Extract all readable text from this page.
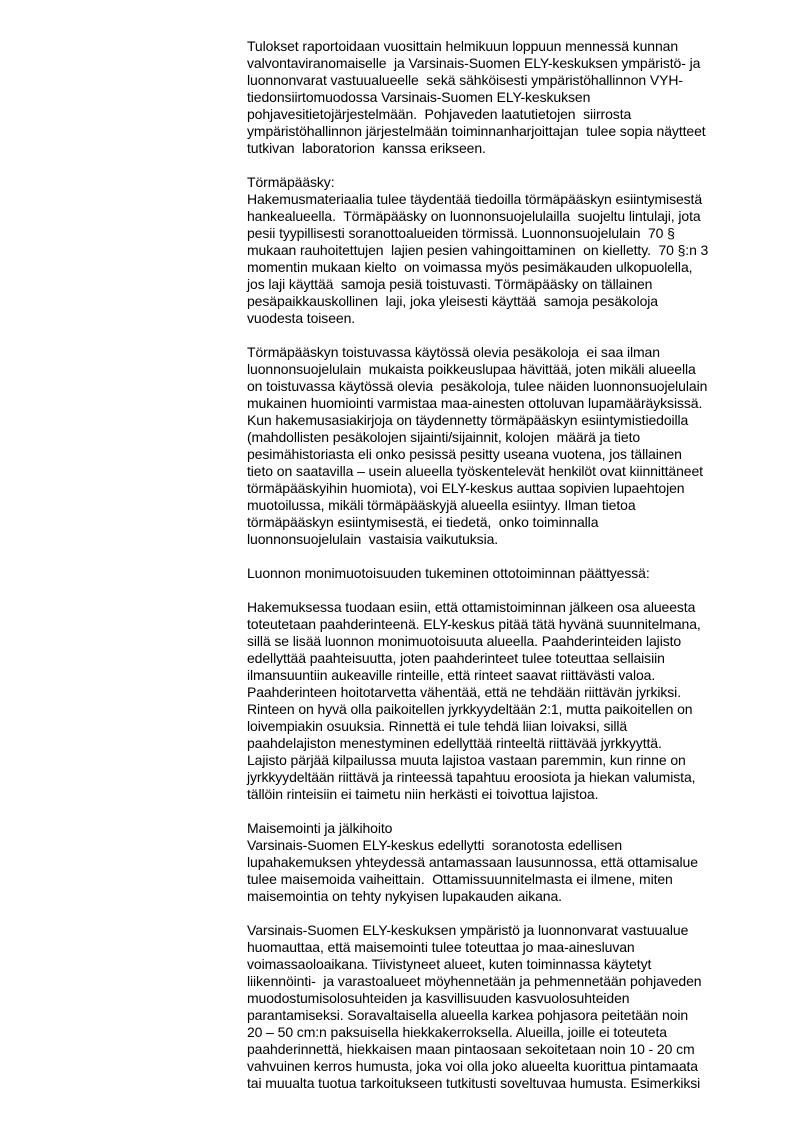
Tulokset raportoidaan vuosittain helmikuun loppuun mennessä kunnan
valvontaviranomaiselle  ja Varsinais-Suomen ELY-keskuksen ympäristö- ja
luonnonvarat vastuualueelle  sekä sähköisesti ympäristöhallinnon VYH-
tiedonsiirtomuodossa Varsinais-Suomen ELY-keskuksen
pohjavesitietojärjestelmään.  Pohjaveden laatutietojen  siirrosta
ympäristöhallinnon järjestelmään toiminnanharjoittajan  tulee sopia näytteet
tutkivan  laboratorion  kanssa erikseen.
Törmäpääsky:
Hakemusmateriaalia tulee täydentää tiedoilla törmäpääskyn esiintymisestä
hankealueella.  Törmäpääsky on luonnonsuojelulailla  suojeltu lintulaji, jota
pesii tyypillisesti soranottoalueiden törmissä. Luonnonsuojelulain  70 §
mukaan rauhoitettujen  lajien pesien vahingoittaminen  on kielletty.  70 §:n 3
momentin mukaan kielto  on voimassa myös pesimäkauden ulkopuolella,
jos laji käyttää  samoja pesiä toistuvasti. Törmäpääsky on tällainen
pesäpaikkauskollinen  laji, joka yleisesti käyttää  samoja pesäkoloja
vuodesta toiseen.
Törmäpääskyn toistuvassa käytössä olevia pesäkoloja  ei saa ilman
luonnonsuojelulain  mukaista poikkeuslupaa hävittää, joten mikäli alueella
on toistuvassa käytössä olevia  pesäkoloja, tulee näiden luonnonsuojelulain
mukainen huomiointi varmistaa maa-ainesten ottoluvan lupamääräyksissä.
Kun hakemusasiakirjoja on täydennetty törmäpääskyn esiintymistiedoilla
(mahdollisten pesäkolojen sijainti/sijainnit, kolojen  määrä ja tieto
pesimähistoriasta eli onko pesissä pesitty useana vuotena, jos tällainen
tieto on saatavilla – usein alueella työskentelevät henkilöt ovat kiinnittäneet
törmäpääskyihin huomiota), voi ELY-keskus auttaa sopivien lupaehtojen
muotoilussa, mikäli törmäpääskyjä alueella esiintyy. Ilman tietoa
törmäpääskyn esiintymisestä, ei tiedetä,  onko toiminnalla
luonnonsuojelulain  vastaisia vaikutuksia.
Luonnon monimuotoisuuden tukeminen ottotoiminnan päättyessä:
Hakemuksessa tuodaan esiin, että ottamistoiminnan jälkeen osa alueesta
toteutetaan paahderinteenä. ELY-keskus pitää tätä hyvänä suunnitelmana,
sillä se lisää luonnon monimuotoisuuta alueella. Paahderinteiden lajisto
edellyttää paahteisuutta, joten paahderinteet tulee toteuttaa sellaisiin
ilmansuuntiin aukeaville rinteille, että rinteet saavat riittävästi valoa.
Paahderinteen hoitotarvetta vähentää, että ne tehdään riittävän jyrkiksi.
Rinteen on hyvä olla paikoitellen jyrkkyydeltään 2:1, mutta paikoitellen on
loivempiakin osuuksia. Rinnettä ei tule tehdä liian loivaksi, sillä
paahdelajiston menestyminen edellyttää rinteeltä riittävää jyrkkyyttä.
Lajisto pärjää kilpailussa muuta lajistoa vastaan paremmin, kun rinne on
jyrkkyydeltään riittävä ja rinteessä tapahtuu eroosiota ja hiekan valumista,
tällöin rinteisiin ei taimetu niin herkästi ei toivottua lajistoa.
Maisemointi ja jälkihoito
Varsinais-Suomen ELY-keskus edellytti  soranotosta edellisen
lupahakemuksen yhteydessä antamassaan lausunnossa, että ottamisalue
tulee maisemoida vaiheittain.  Ottamissuunnitelmasta ei ilmene, miten
maisemointia on tehty nykyisen lupakauden aikana.
Varsinais-Suomen ELY-keskuksen ympäristö ja luonnonvarat vastuualue
huomauttaa, että maisemointi tulee toteuttaa jo maa-ainesluvan
voimassaoloaikana. Tiivistyneet alueet, kuten toiminnassa käytetyt
liikennöinti-  ja varastoalueet möyhennetään ja pehmennetään pohjaveden
muodostumisolosuhteiden ja kasvillisuuden kasvuolosuhteiden
parantamiseksi. Soravaltaisella alueella karkea pohjasora peitetään noin
20 – 50 cm:n paksuisella hiekkakerroksella. Alueilla, joille ei toteuteta
paahderinnettä, hiekkaisen maan pintaosaan sekoitetaan noin 10 - 20 cm
vahvuinen kerros humusta, joka voi olla joko alueelta kuorittua pintamaata
tai muualta tuotua tarkoitukseen tutkitusti soveltuvaa humusta. Esimerkiksi
